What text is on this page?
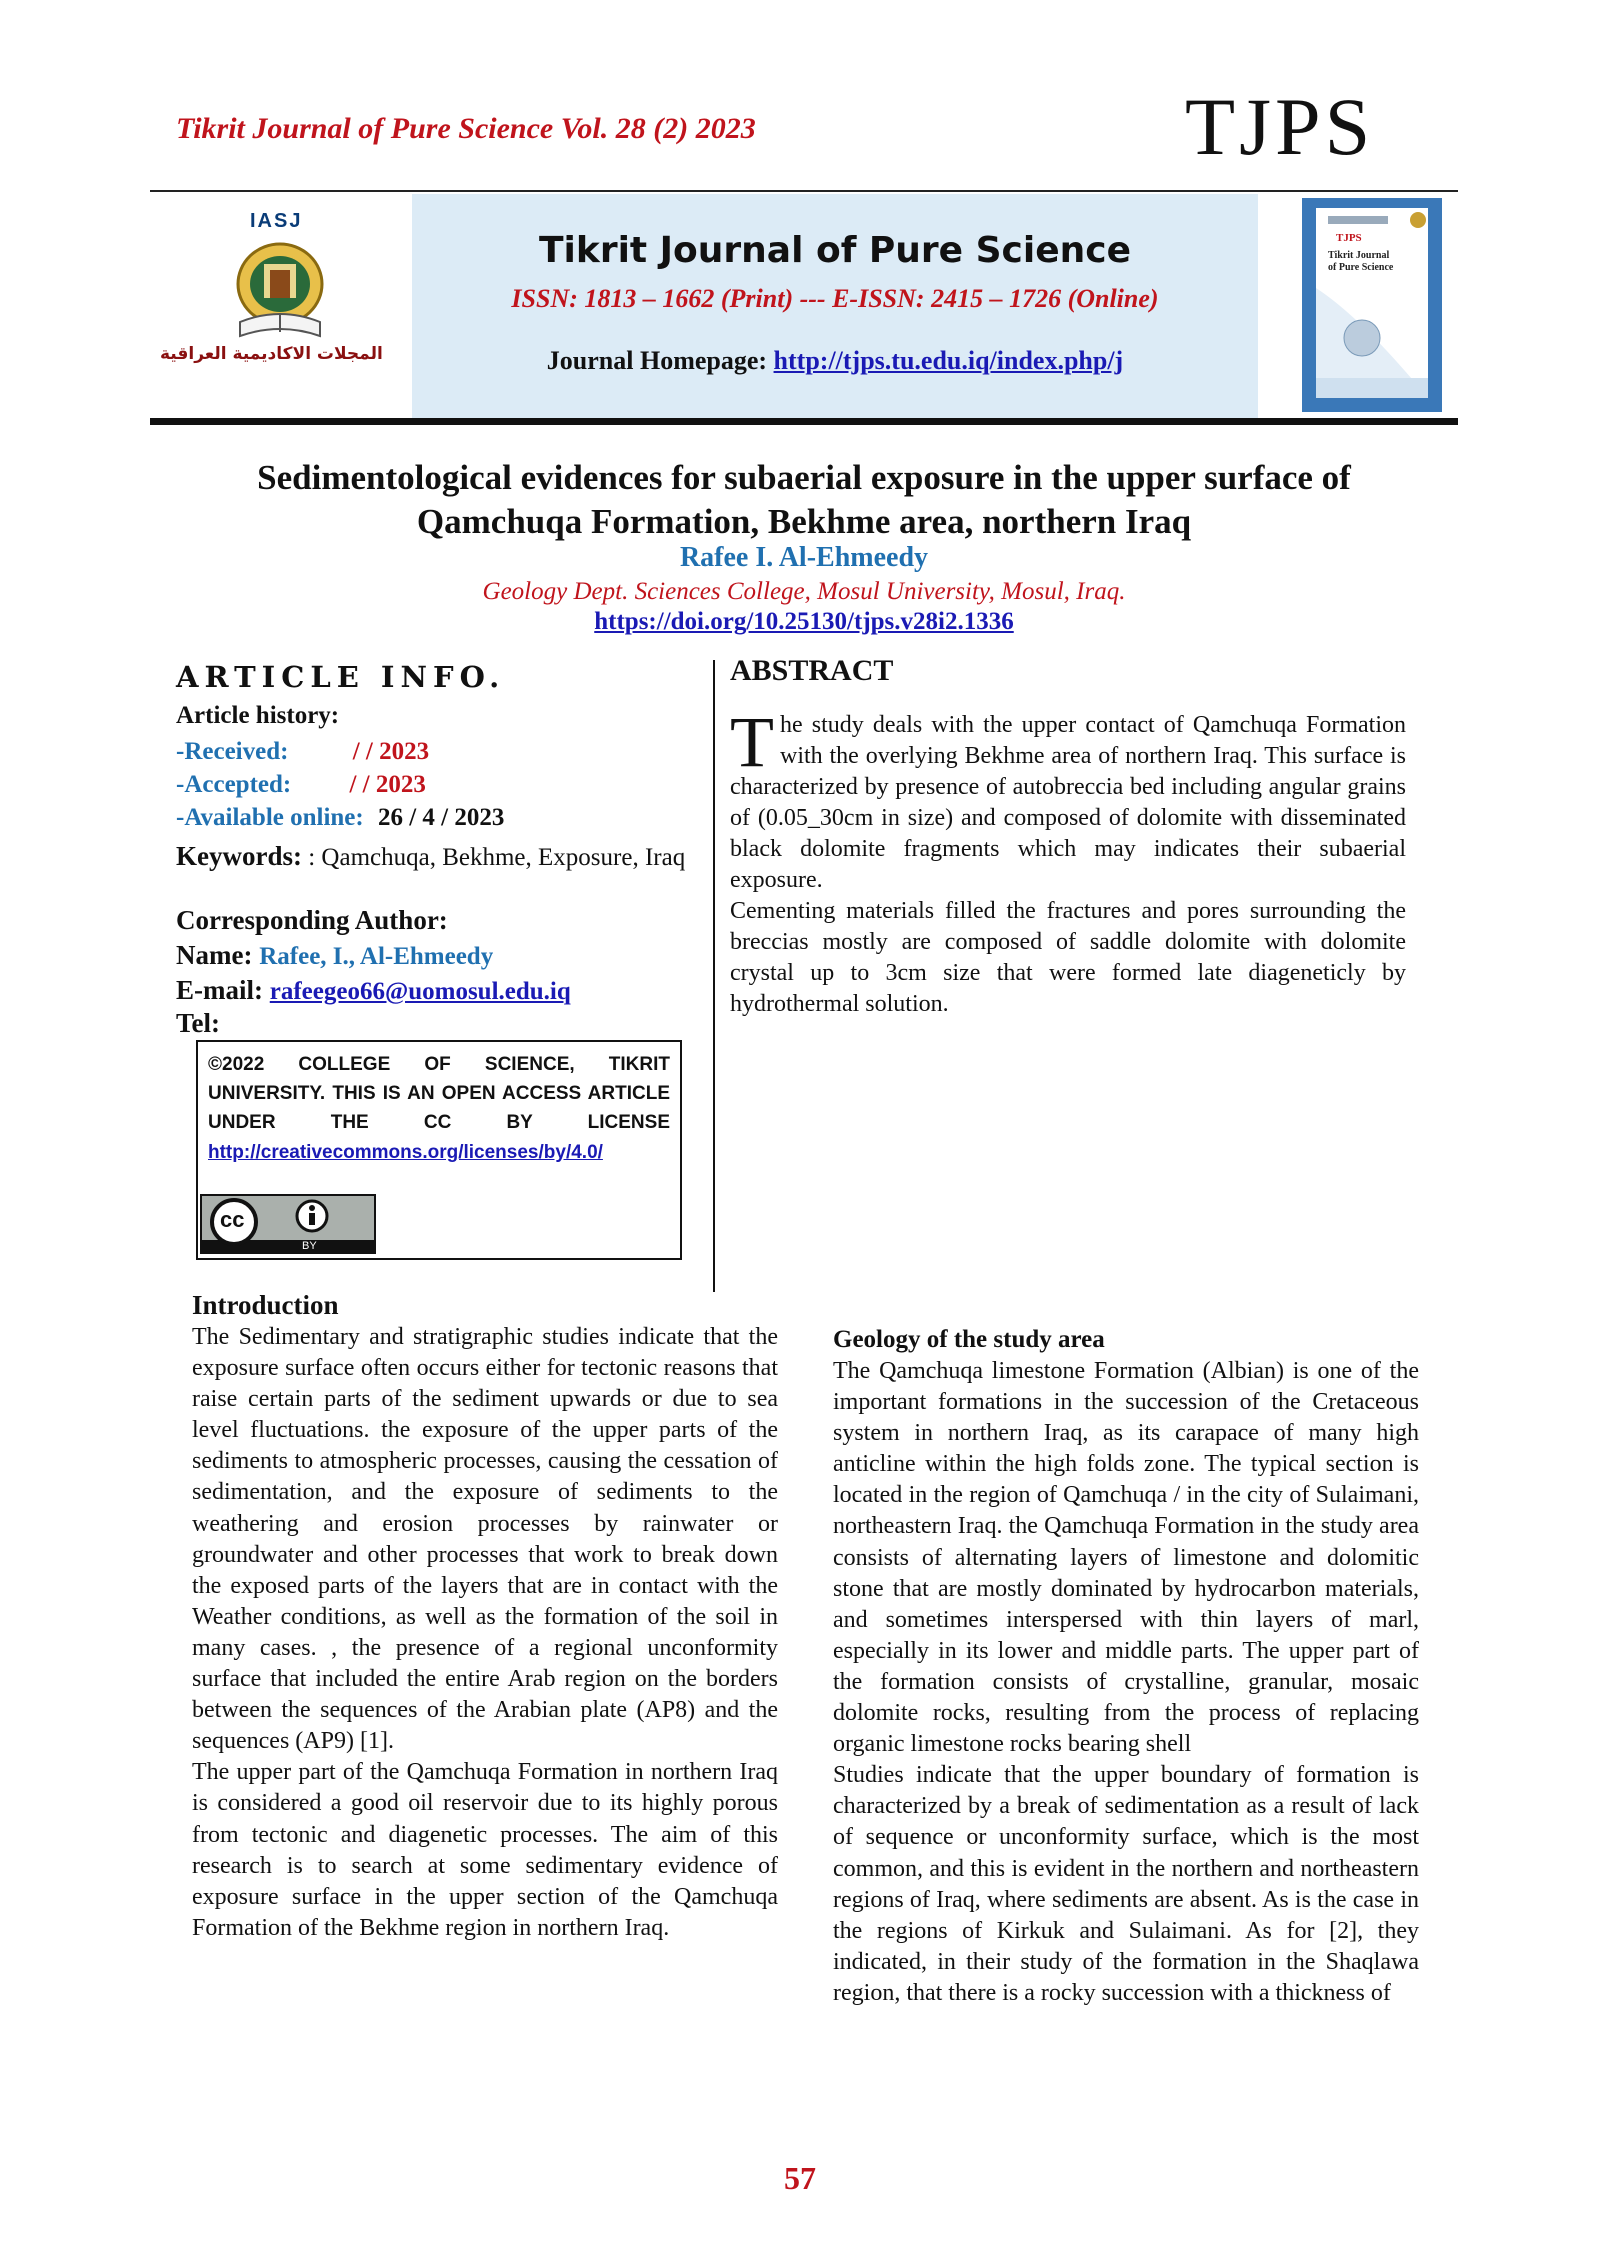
Tikrit Journal of Pure Science Vol. 28 (2) 2023	TJPS
IASJ
المجلات الاكاديمية العراقية
Tikrit Journal of Pure Science
ISSN: 1813 – 1662 (Print) --- E-ISSN: 2415 – 1726 (Online)
Journal Homepage: http://tjps.tu.edu.iq/index.php/j
TJPS
Tikrit Journal of Pure Science
Sedimentological evidences for subaerial exposure in the upper surface of
Qamchuqa Formation, Bekhme area, northern Iraq
Rafee I. Al-Ehmeedy
Geology Dept. Sciences College, Mosul University, Mosul, Iraq.
https://doi.org/10.25130/tjps.v28i2.1336
ARTICLE INFO.
Article history:
-Received:	/ / 2023
-Accepted: / / 2023
-Available online: 26 / 4 / 2023
Keywords: : Qamchuqa, Bekhme, Exposure, Iraq
Corresponding Author:
Name: Rafee, I., Al-Ehmeedy
E-mail: rafeegeo66@uomosul.edu.iq
Tel:
©2022 COLLEGE OF SCIENCE, TIKRIT UNIVERSITY. THIS IS AN OPEN ACCESS ARTICLE UNDER THE CC BY LICENSE
http://creativecommons.org/licenses/by/4.0/
cc
BY
ABSTRACT

The study deals with the upper contact of Qamchuqa Formation with the overlying Bekhme area of northern Iraq. This surface is characterized by presence of autobreccia bed including angular grains of (0.05_30cm in size) and composed of dolomite with disseminated black dolomite fragments which may indicates their subaerial exposure.

Cementing materials filled the fractures and pores surrounding the breccias mostly are composed of saddle dolomite with dolomite crystal up to 3cm size that were formed late diageneticly by hydrothermal solution.

Introduction

The Sedimentary and stratigraphic studies indicate that the exposure surface often occurs either for tectonic reasons that raise certain parts of the sediment upwards or due to sea level fluctuations. the exposure of the upper parts of the sediments to atmospheric processes, causing the cessation of sedimentation, and the exposure of sediments to the weathering and erosion processes by rainwater or groundwater and other processes that work to break down the exposed parts of the layers that are in contact with the Weather conditions, as well as the formation of the soil in many cases. , the presence of a regional unconformity surface that included the entire Arab region on the borders between the sequences of the Arabian plate (AP8) and the sequences (AP9) [1].

The upper part of the Qamchuqa Formation in northern Iraq is considered a good oil reservoir due to its highly porous from tectonic and diagenetic processes. The aim of this research is to search at some sedimentary evidence of exposure surface in the upper section of the Qamchuqa Formation of the Bekhme region in northern Iraq.

Geology of the study area

The Qamchuqa limestone Formation (Albian) is one of the important formations in the succession of the Cretaceous system in northern Iraq, as its carapace of many high anticline within the high folds zone. The typical section is located in the region of Qamchuqa / in the city of Sulaimani, northeastern Iraq. the Qamchuqa Formation in the study area consists of alternating layers of limestone and dolomitic stone that are mostly dominated by hydrocarbon materials, and sometimes interspersed with thin layers of marl, especially in its lower and middle parts. The upper part of the formation consists of crystalline, granular, mosaic dolomite rocks, resulting from the process of replacing organic limestone rocks bearing shell

Studies indicate that the upper boundary of formation is characterized by a break of sedimentation as a result of lack of sequence or unconformity surface, which is the most common, and this is evident in the northern and northeastern regions of Iraq, where sediments are absent. As is the case in the regions of Kirkuk and Sulaimani. As for [2], they indicated, in their study of the formation in the Shaqlawa region, that there is a rocky succession with a thickness of

57
